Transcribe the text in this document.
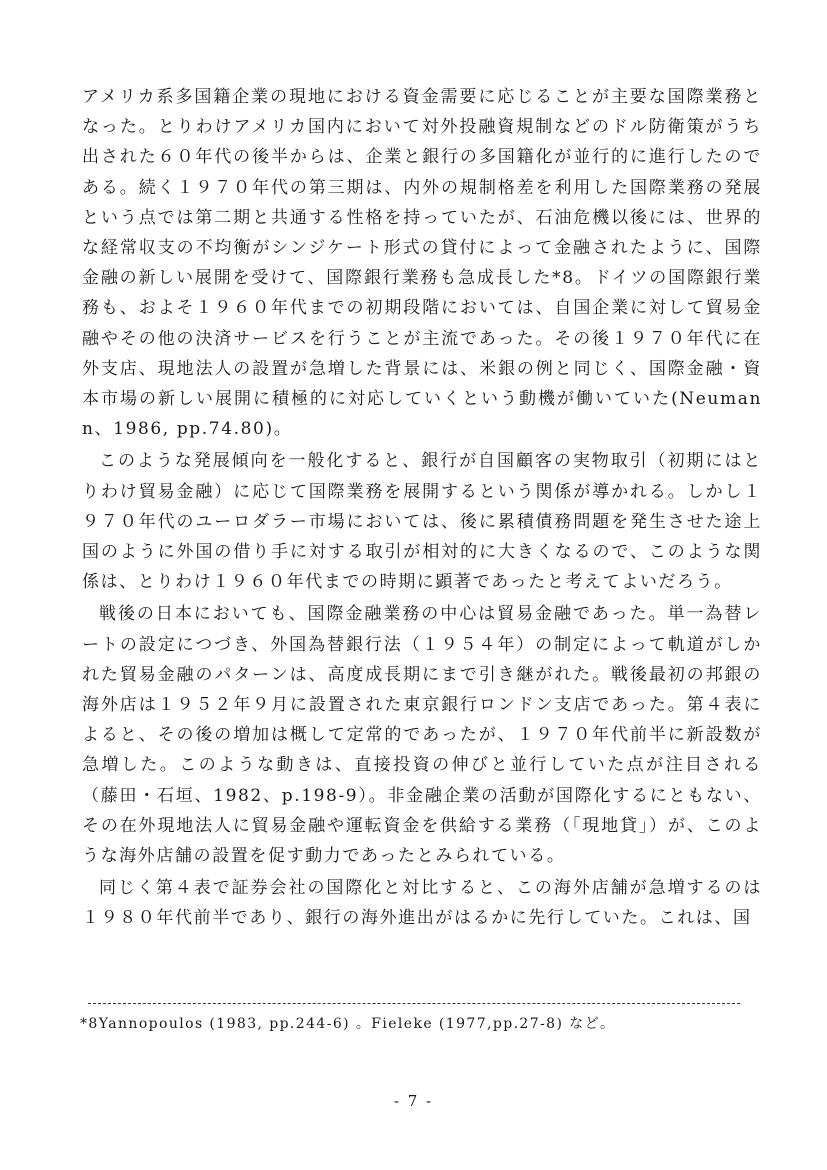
アメリカ系多国籍企業の現地における資金需要に応じることが主要な国際業務となった。とりわけアメリカ国内において対外投融資規制などのドル防衛策がうち出された６０年代の後半からは、企業と銀行の多国籍化が並行的に進行したのである。続く１９７０年代の第三期は、内外の規制格差を利用した国際業務の発展という点では第二期と共通する性格を持っていたが、石油危機以後には、世界的な経常収支の不均衡がシンジケート形式の貸付によって金融されたように、国際金融の新しい展開を受けて、国際銀行業務も急成長した*8。ドイツの国際銀行業務も、およそ１９６０年代までの初期段階においては、自国企業に対して貿易金融やその他の決済サービスを行うことが主流であった。その後１９７０年代に在外支店、現地法人の設置が急増した背景には、米銀の例と同じく、国際金融・資本市場の新しい展開に積極的に対応していくという動機が働いていた(Neumann、1986, pp.74.80)。

このような発展傾向を一般化すると、銀行が自国顧客の実物取引（初期にはとりわけ貿易金融）に応じて国際業務を展開するという関係が導かれる。しかし１９７０年代のユーロダラー市場においては、後に累積債務問題を発生させた途上国のように外国の借り手に対する取引が相対的に大きくなるので、このような関係は、とりわけ１９６０年代までの時期に顕著であったと考えてよいだろう。

戦後の日本においても、国際金融業務の中心は貿易金融であった。単一為替レートの設定につづき、外国為替銀行法（１９５４年）の制定によって軌道がしかれた貿易金融のパターンは、高度成長期にまで引き継がれた。戦後最初の邦銀の海外店は１９５２年９月に設置された東京銀行ロンドン支店であった。第４表によると、その後の増加は概して定常的であったが、１９７０年代前半に新設数が急増した。このような動きは、直接投資の伸びと並行していた点が注目される（藤田・石垣、1982、p.198-9）。非金融企業の活動が国際化するにともない、その在外現地法人に貿易金融や運転資金を供給する業務（「現地貸」）が、このような海外店舗の設置を促す動力であったとみられている。

同じく第４表で証券会社の国際化と対比すると、この海外店舗が急増するのは１９８０年代前半であり、銀行の海外進出がはるかに先行していた。これは、国

*8Yannopoulos (1983, pp.244-6) 。Fieleke (1977,pp.27-8) など。
- 7 -
